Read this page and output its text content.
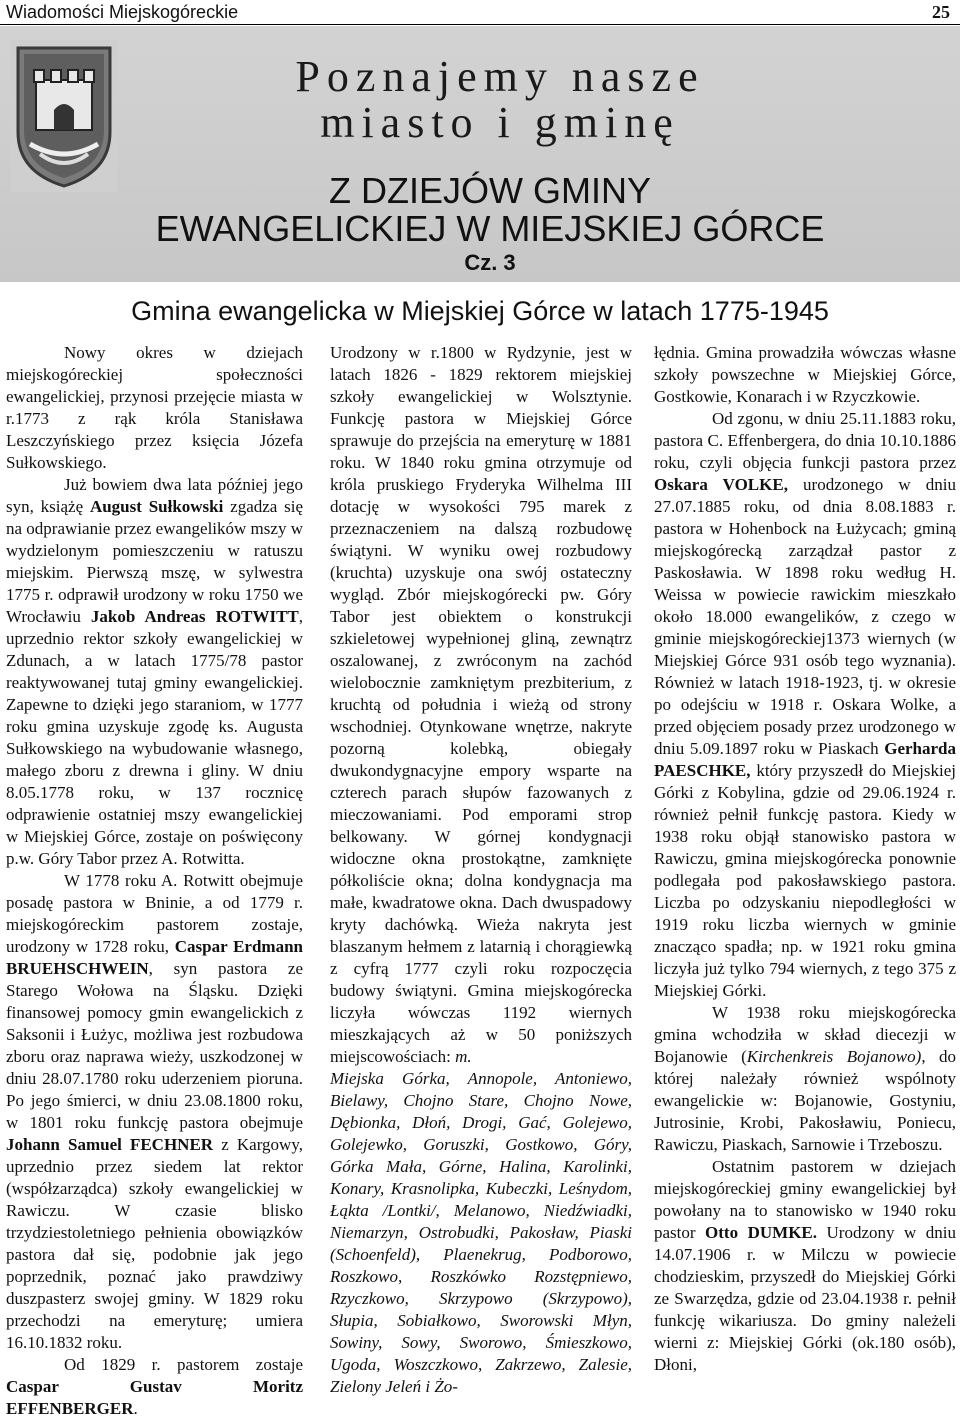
Wiadomości Miejskogóreckie	25
Poznajemy nasze
miasto i gminę
Z DZIEJÓW GMINY
EWANGELICKIEJ W MIEJSKIEJ GÓRCE
Cz. 3
Gmina ewangelicka w Miejskiej Górce w latach 1775-1945

Nowy okres w dziejach miejskogóreckiej społeczności ewangelickiej, przynosi przejęcie miasta w r.1773 z rąk króla Stanisława Leszczyńskiego przez księcia Józefa Sułkowskiego.

Już bowiem dwa lata później jego syn, książę August Sułkowski zgadza się na odprawianie przez ewangelików mszy w wydzielonym pomieszczeniu w ratuszu miejskim. Pierwszą mszę, w sylwestra 1775 r. odprawił urodzony w roku 1750 we Wrocławiu Jakob Andreas ROTWITT, uprzednio rektor szkoły ewangelickiej w Zdunach, a w latach 1775/78 pastor reaktywowanej tutaj gminy ewangelickiej. Zapewne to dzięki jego staraniom, w 1777 roku gmina uzyskuje zgodę ks. Augusta Sułkowskiego na wybudowanie własnego, małego zboru z drewna i gliny. W dniu 8.05.1778 roku, w 137 rocznicę odprawienie ostatniej mszy ewangelickiej w Miejskiej Górce, zostaje on poświęcony p.w. Góry Tabor przez A. Rotwitta.

W 1778 roku A. Rotwitt obejmuje posadę pastora w Bninie, a od 1779 r. miejskogóreckim pastorem zostaje, urodzony w 1728 roku, Caspar Erdmann BRUEHSCHWEIN, syn pastora ze Starego Wołowa na Śląsku. Dzięki finansowej pomocy gmin ewangelickich z Saksonii i Łużyc, możliwa jest rozbudowa zboru oraz naprawa wieży, uszkodzonej w dniu 28.07.1780 roku uderzeniem pioruna. Po jego śmierci, w dniu 23.08.1800 roku, w 1801 roku funkcję pastora obejmuje Johann Samuel FECHNER z Kargowy, uprzednio przez siedem lat rektor (współzarządca) szkoły ewangelickiej w Rawiczu. W czasie blisko trzydziestoletniego pełnienia obowiązków pastora dał się, podobnie jak jego poprzednik, poznać jako prawdziwy duszpasterz swojej gminy. W 1829 roku przechodzi na emeryturę; umiera 16.10.1832 roku.

Od 1829 r. pastorem zostaje Caspar Gustav Moritz EFFENBERGER.

Urodzony w r.1800 w Rydzynie, jest w latach 1826 - 1829 rektorem miejskiej szkoły ewangelickiej w Wolsztynie. Funkcję pastora w Miejskiej Górce sprawuje do przejścia na emeryturę w 1881 roku. W 1840 roku gmina otrzymuje od króla pruskiego Fryderyka Wilhelma III dotację w wysokości 795 marek z przeznaczeniem na dalszą rozbudowę świątyni. W wyniku owej rozbudowy (kruchta) uzyskuje ona swój ostateczny wygląd. Zbór miejskogórecki pw. Góry Tabor jest obiektem o konstrukcji szkieletowej wypełnionej gliną, zewnątrz oszalowanej, z zwróconym na zachód wielobocznie zamkniętym prezbiterium, z kruchtą od południa i wieżą od strony wschodniej. Otynkowane wnętrze, nakryte pozorną kolebką, obiegały dwukondygnacyjne empory wsparte na czterech parach słupów fazowanych z mieczowaniami. Pod emporami strop belkowany. W górnej kondygnacji widoczne okna prostokątne, zamknięte półkoliście okna; dolna kondygnacja ma małe, kwadratowe okna. Dach dwuspadowy kryty dachówką. Wieża nakryta jest blaszanym hełmem z latarnią i chorągiewką z cyfrą 1777 czyli roku rozpoczęcia budowy świątyni. Gmina miejskogórecka liczyła wówczas 1192 wiernych mieszkających aż w 50 poniższych miejscowościach: m.

Miejska Górka, Annopole, Antoniewo, Bielawy, Chojno Stare, Chojno Nowe, Dębionka, Dłoń, Drogi, Gać, Golejewo, Golejewko, Goruszki, Gostkowo, Góry, Górka Mała, Górne, Halina, Karolinki, Konary, Krasnolipka, Kubeczki, Leśnydom, Łąkta /Lontki/, Melanowo, Niedźwiadki, Niemarzyn, Ostrobudki, Pakosław, Piaski (Schoenfeld), Plaenekrug, Podborowo, Roszkowo, Roszkówko Rozstępniewo, Rzyczkowo, Skrzypowo (Skrzypowo), Słupia, Sobiałkowo, Sworowski Młyn, Sowiny, Sowy, Sworowo, Śmieszkowo, Ugoda, Woszczkowo, Zakrzewo, Zalesie, Zielony Jeleń i Żo-

łędnia. Gmina prowadziła wówczas własne szkoły powszechne w Miejskiej Górce, Gostkowie, Konarach i w Rzyczkowie.

Od zgonu, w dniu 25.11.1883 roku, pastora C. Effenbergera, do dnia 10.10.1886 roku, czyli objęcia funkcji pastora przez Oskara VOLKE, urodzonego w dniu 27.07.1885 roku, od dnia 8.08.1883 r. pastora w Hohenbock na Łużycach; gminą miejskogórecką zarządzał pastor z Paskosławia. W 1898 roku według H. Weissa w powiecie rawickim mieszkało około 18.000 ewangelików, z czego w gminie miejskogóreckiej1373 wiernych (w Miejskiej Górce 931 osób tego wyznania). Również w latach 1918-1923, tj. w okresie po odejściu w 1918 r. Oskara Wolke, a przed objęciem posady przez urodzonego w dniu 5.09.1897 roku w Piaskach Gerharda PAESCHKE, który przyszedł do Miejskiej Górki z Kobylina, gdzie od 29.06.1924 r. również pełnił funkcję pastora. Kiedy w 1938 roku objął stanowisko pastora w Rawiczu, gmina miejskogórecka ponownie podlegała pod pakosławskiego pastora. Liczba po odzyskaniu niepodległości w 1919 roku liczba wiernych w gminie znacząco spadła; np. w 1921 roku gmina liczyła już tylko 794 wiernych, z tego 375 z Miejskiej Górki.

W 1938 roku miejskogórecka gmina wchodziła w skład diecezji w Bojanowie (Kirchenkreis Bojanowo), do której należały również wspólnoty ewangelickie w: Bojanowie, Gostyniu, Jutrosinie, Krobi, Pakosławiu, Poniecu, Rawiczu, Piaskach, Sarnowie i Trzeboszu.

Ostatnim pastorem w dziejach miejskogóreckiej gminy ewangelickiej był powołany na to stanowisko w 1940 roku pastor Otto DUMKE. Urodzony w dniu 14.07.1906 r. w Milczu w powiecie chodzieskim, przyszedł do Miejskiej Górki ze Swarzędza, gdzie od 23.04.1938 r. pełnił funkcję wikariusza. Do gminy należeli wierni z: Miejskiej Górki (ok.180 osób), Dłoni,
